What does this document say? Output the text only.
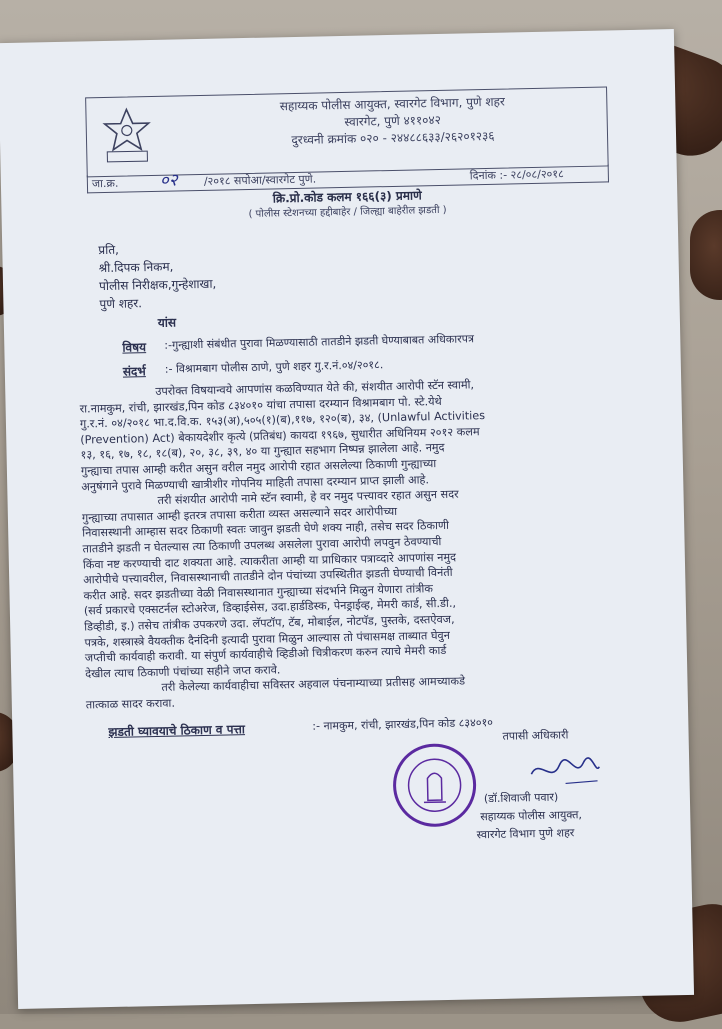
सहाय्यक पोलीस आयुक्त, स्वारगेट विभाग, पुणे शहर
स्वारगेट, पुणे ४११०४२
दुरध्वनी क्रमांक ०२० - २४४८८६३३/२६२०१२३६
जा.क्र. ०२ /२०१८ सपोआ/स्वारगेट पुणे.	दिनांक :- २८/०८/२०१८
क्रि.प्रो.कोड कलम १६६(३) प्रमाणे
( पोलीस स्टेशनच्या हद्दीबाहेर / जिल्ह्या बाहेरील झडती )
प्रति,
श्री.दिपक निकम,
पोलीस निरीक्षक,गुन्हेशाखा,
पुणे शहर.
यांस
विषय :-गुन्ह्याशी संबंधीत पुरावा मिळण्यासाठी तातडीने झडती घेण्याबाबत अधिकारपत्र
संदर्भ :- विश्रामबाग पोलीस ठाणे, पुणे शहर गु.र.नं.०४/२०१८.
उपरोक्त विषयान्वये आपणांस कळविण्यात येते की, संशयीत आरोपी स्टॅन स्वामी,
रा.नामकुम, रांची, झारखंड,पिन कोड ८३४०१० यांचा तपासा दरम्यान विश्रामबाग पो. स्टे.येथे
गु.र.नं. ०४/२०१८ भा.द.वि.क. १५३(अ),५०५(१)(ब),११७, १२०(ब), ३४, (Unlawful Activities
(Prevention) Act) बेकायदेशीर कृत्ये (प्रतिबंध) कायदा १९६७, सुधारीत अधिनियम २०१२ कलम
१३, १६, १७, १८, १८(ब), २०, ३८, ३९, ४० या गुन्ह्यात सहभाग निष्पन्न झालेला आहे. नमुद
गुन्ह्याचा तपास आम्ही करीत असुन वरील नमुद आरोपी रहात असलेल्या ठिकाणी गुन्ह्याच्या
अनुषंगाने पुरावे मिळण्याची खात्रीशीर गोपनिय माहिती तपासा दरम्यान प्राप्त झाली आहे.
तरी संशयीत आरोपी नामे स्टॅन स्वामी, हे वर नमुद पत्त्यावर रहात असुन सदर
गुन्ह्याच्या तपासात आम्ही इतरत्र तपासा करीता व्यस्त असल्याने सदर आरोपीच्या
निवासस्थानी आम्हास सदर ठिकाणी स्वतः जावुन झडती घेणे शक्य नाही, तसेच सदर ठिकाणी
तातडीने झडती न घेतल्यास त्या ठिकाणी उपलब्ध असलेला पुरावा आरोपी लपवुन ठेवण्याची
किंवा नष्ट करण्याची दाट शक्यता आहे. त्याकरीता आम्ही या प्राधिकार पत्राव्दारे आपणांस नमुद
आरोपीचे पत्त्यावरील, निवासस्थानाची तातडीने दोन पंचांच्या उपस्थितीत झडती घेण्याची विनंती
करीत आहे. सदर झडतीच्या वेळी निवासस्थानात गुन्ह्याच्या संदर्भाने मिळुन येणारा तांत्रीक
(सर्व प्रकारचे एक्सटर्नल स्टोअरेज, डिव्हाईसेस, उदा.हार्डडिस्क, पेनड्राईव्ह, मेमरी कार्ड, सी.डी.,
डिव्हीडी, इ.) तसेच तांत्रीक उपकरणे उदा. लॅपटॉप, टॅब, मोबाईल, नोटपॅड, पुस्तके, दस्तऐवज,
पत्रके, शस्त्रास्त्रे वैयक्तीक दैनंदिनी इत्यादी पुरावा मिळुन आल्यास तो पंचासमक्ष ताब्यात घेवुन
जप्तीची कार्यवाही करावी. या संपुर्ण कार्यवाहीचे व्हिडीओ चित्रीकरण करुन त्याचे मेमरी कार्ड
देखील त्याच ठिकाणी पंचांच्या सहीने जप्त करावे.
तरी केलेल्या कार्यवाहीचा सविस्तर अहवाल पंचनाम्याच्या प्रतीसह आमच्याकडे
तात्काळ सादर करावा.
झडती घ्यावयाचे ठिकाण व पत्ता	:- नामकुम, रांची, झारखंड,पिन कोड ८३४०१०
तपासी अधिकारी
(डॉ.शिवाजी पवार)
सहाय्यक पोलीस आयुक्त,
स्वारगेट विभाग पुणे शहर
